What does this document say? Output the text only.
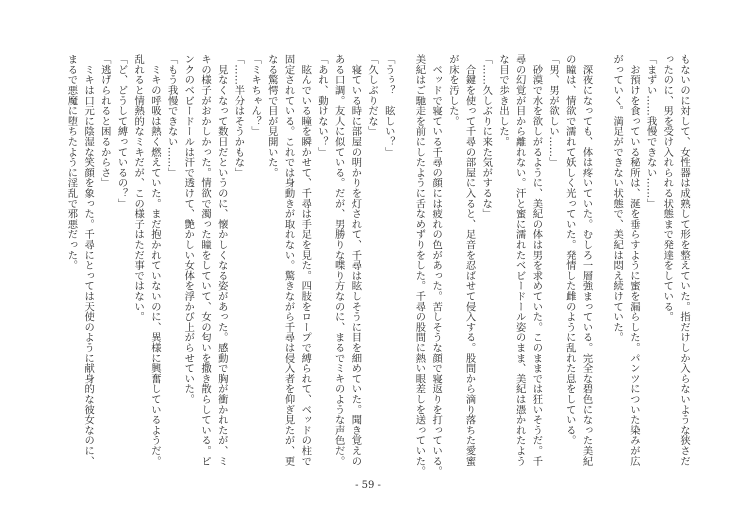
もないのに対して、女性器は成熟して形を整えていた。指だけしか入らないような狭さだ
ったのに、男を受け入れられる状態まで発達をしている。
「まずい……我慢できない……」
　お預けを食っている秘所は、涎を垂らすように蜜を漏らした。パンツについた染みが広
がっていく。満足ができない状態で、美紀は悶え続けていた。
　深夜になっても、体は疼いていた。むしろ一層強まっている。完全な碧色になった美紀
の瞳は、情欲で濡れて妖しく光っていた。発情した雌のように乱れた息をしている。
「男、男が欲しい……」
　砂漠で水を欲しがるように、美紀の体は男を求めていた。このままでは狂いそうだ。千
尋の幻覚が目から離れない。汗と蜜に濡れたベビードール姿のまま、美紀は憑かれたよう
な目で歩き出した。
「……久しぶりに来た気がするな」
　合鍵を使って千尋の部屋に入ると、足音を忍ばせて侵入する。股間から滴り落ちた愛蜜
が床を汚した。
　ベッドで寝ている千尋の顔には疲れの色があった。苦しそうな顔で寝返りを打っている。
美紀はご馳走を前にしたように舌なめずりをした。千尋の股間に熱い眼差しを送っていた。
「うぅ？　眩しい？」
「久しぶりだな」
　寝ている時に部屋の明かりを灯されて、千尋は眩しそうに目を細めていた。聞き覚えの
ある口調。友人に似ている。だが、男勝りな喋り方なのに、まるでミキのような声色だ。
「あれ、動けない？」
　眩んでいる瞳を瞬かせて、千尋は手足を見た。四肢をロープで縛られて、ベッドの柱で
固定されている。これでは身動きが取れない。驚きながら千尋は侵入者を仰ぎ見たが、更
なる驚愕で目が見開いた。
「ミキちゃん？」
「……半分はそうかもな」
　見なくなって数日だというのに、懐かしくなる姿があった。感動で胸が衝かれたが、ミ
キの様子がおかしかった。情欲で濁った瞳をしていて、女の匂いを撒き散らしている。ピ
ンクのベビードールは汗で透けて、艶かしい女体を浮かび上がらせていた。
「もう我慢できない……」
　ミキの呼吸は熱く燃えていた。まだ抱かれていないのに、異様に興奮しているようだ。
乱れると情熱的なミキだが、この様子はただ事ではない。
「ど、どうして縛っているの？」
「逃げられると困るからさ」
　ミキは口元に陰湿な笑顔を象った。千尋にとっては天使のように献身的な彼女なのに、
まるで悪魔に堕ちたように淫乱で邪悪だった。
- 59 -
